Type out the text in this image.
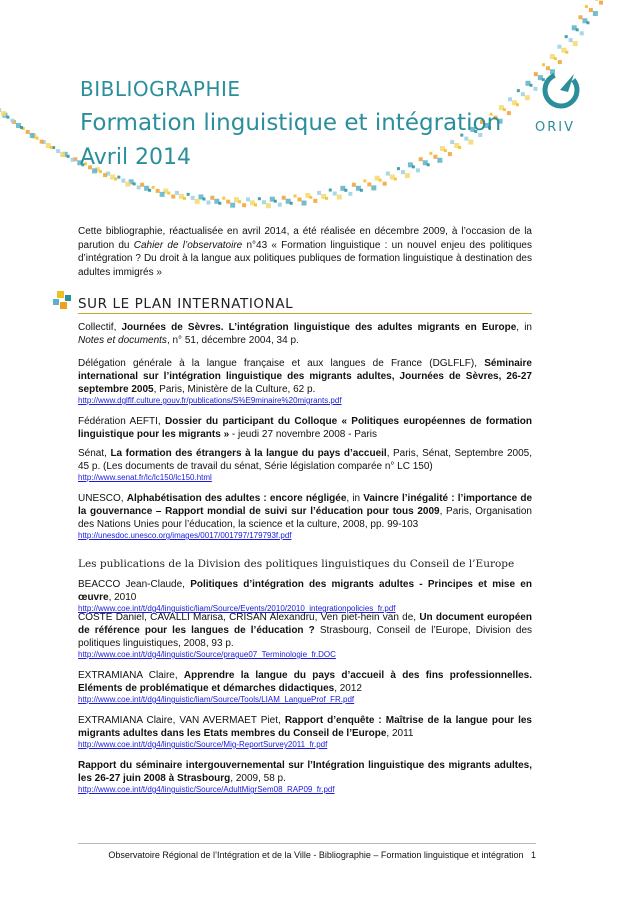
BIBLIOGRAPHIE
Formation linguistique et intégration
Avril 2014
ORIV
Cette bibliographie, réactualisée en avril 2014, a été réalisée en décembre 2009, à l’occasion de la parution du Cahier de l’observatoire n°43 « Formation linguistique : un nouvel enjeu des politiques d’intégration ? Du droit à la langue aux politiques publiques de formation linguistique à destination des adultes immigrés »
SUR LE PLAN INTERNATIONAL
Collectif, Journées de Sèvres. L’intégration linguistique des adultes migrants en Europe, in Notes et documents, n° 51, décembre 2004, 34 p.
Délégation générale à la langue française et aux langues de France (DGLFLF), Séminaire international sur l’intégration linguistique des migrants adultes, Journées de Sèvres, 26-27 septembre 2005, Paris, Ministère de la Culture, 62 p.
http://www.dglflf.culture.gouv.fr/publications/S%E9minaire%20migrants.pdf
Fédération AEFTI, Dossier du participant du Colloque « Politiques européennes de formation linguistique pour les migrants » - jeudi 27 novembre 2008 - Paris
Sénat, La formation des étrangers à la langue du pays d’accueil, Paris, Sénat, Septembre 2005, 45 p. (Les documents de travail du sénat, Série législation comparée n° LC 150)
http://www.senat.fr/lc/lc150/lc150.html
UNESCO, Alphabétisation des adultes : encore négligée, in Vaincre l’inégalité : l’importance de la gouvernance – Rapport mondial de suivi sur l’éducation pour tous 2009, Paris, Organisation des Nations Unies pour l’éducation, la science et la culture, 2008, pp. 99-103
http://unesdoc.unesco.org/images/0017/001797/179793f.pdf
Les publications de la Division des politiques linguistiques du Conseil de l’Europe
BEACCO Jean-Claude, Politiques d’intégration des migrants adultes - Principes et mise en œuvre, 2010
http://www.coe.int/t/dg4/linguistic/liam/Source/Events/2010/2010_integrationpolicies_fr.pdf
COSTE Daniel, CAVALLI Marisa, CRISAN Alexandru, Ven piet-hein van de, Un document européen de référence pour les langues de l’éducation ? Strasbourg, Conseil de l’Europe, Division des politiques linguistiques, 2008, 93 p.
http://www.coe.int/t/dg4/linguistic/Source/prague07_Terminologie_fr.DOC
EXTRAMIANA Claire, Apprendre la langue du pays d’accueil à des fins professionnelles. Eléments de problématique et démarches didactiques, 2012
http://www.coe.int/t/dg4/linguistic/liam/Source/Tools/LIAM_LangueProf_FR.pdf
EXTRAMIANA Claire, VAN AVERMAET Piet, Rapport d’enquête : Maîtrise de la langue pour les migrants adultes dans les Etats membres du Conseil de l’Europe, 2011
http://www.coe.int/t/dg4/linguistic/Source/Mig-ReportSurvey2011_fr.pdf
Rapport du séminaire intergouvernemental sur l’Intégration linguistique des migrants adultes, les 26-27 juin 2008 à Strasbourg, 2009, 58 p.
http://www.coe.int/t/dg4/linguistic/Source/AdultMigrSem08_RAP09_fr.pdf
Observatoire Régional de l’Intégration et de la Ville - Bibliographie – Formation linguistique et intégration 1
